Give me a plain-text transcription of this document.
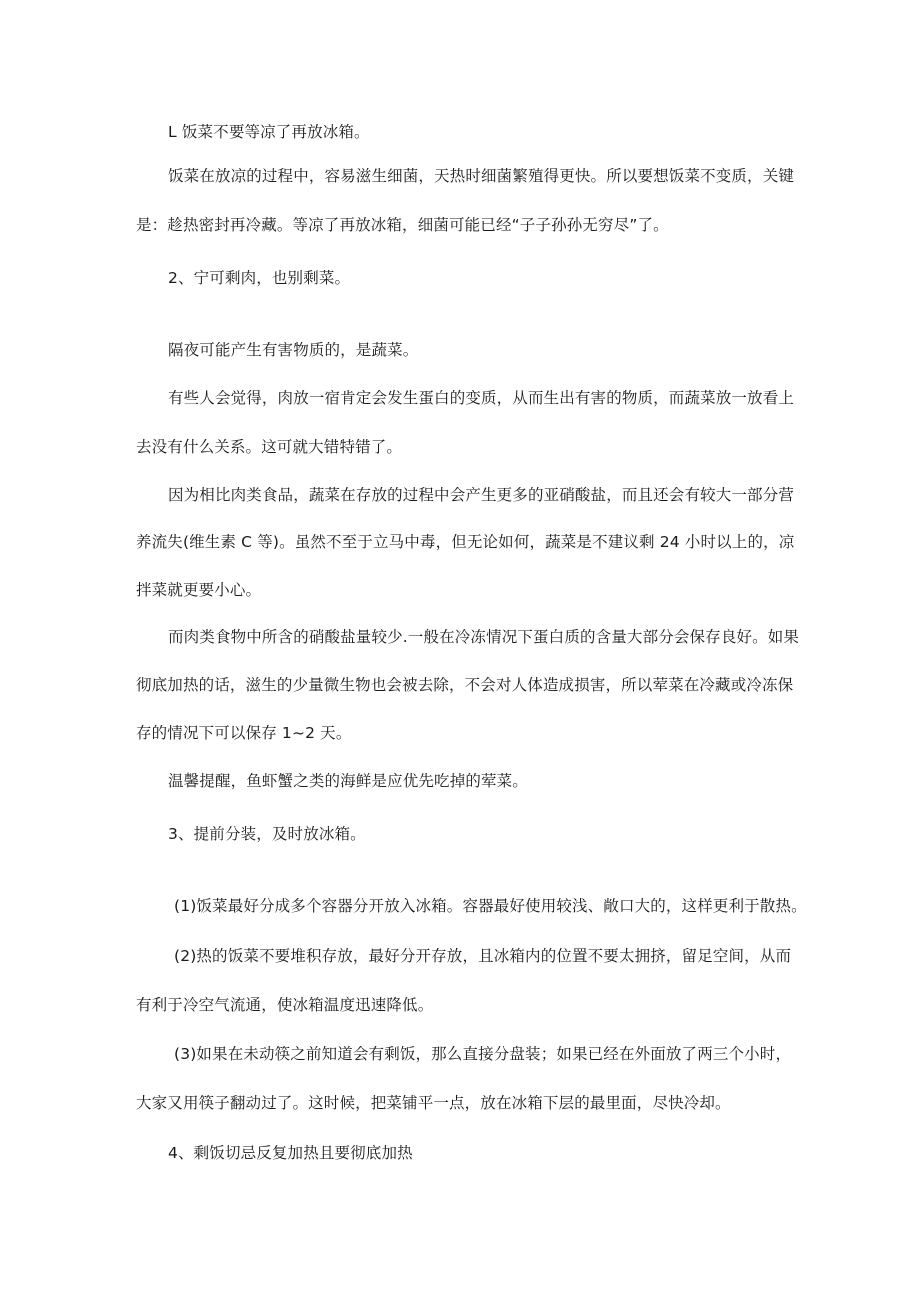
L 饭菜不要等凉了再放冰箱。

饭菜在放凉的过程中，容易滋生细菌，天热时细菌繁殖得更快。所以要想饭菜不变质，关键

是：趁热密封再冷藏。等凉了再放冰箱，细菌可能已经“子子孙孙无穷尽”了。

2、宁可剩肉，也别剩菜。

隔夜可能产生有害物质的，是蔬菜。

有些人会觉得，肉放一宿肯定会发生蛋白的变质，从而生出有害的物质，而蔬菜放一放看上

去没有什么关系。这可就大错特错了。

因为相比肉类食品，蔬菜在存放的过程中会产生更多的亚硝酸盐，而且还会有较大一部分营

养流失(维生素 C 等)。虽然不至于立马中毒，但无论如何，蔬菜是不建议剩 24 小时以上的，凉

拌菜就更要小心。

而肉类食物中所含的硝酸盐量较少.一般在冷冻情况下蛋白质的含量大部分会保存良好。如果

彻底加热的话，滋生的少量微生物也会被去除，不会对人体造成损害，所以荤菜在冷藏或冷冻保

存的情况下可以保存 1~2 天。

温馨提醒，鱼虾蟹之类的海鲜是应优先吃掉的荤菜。

3、提前分装，及时放冰箱。

(1)饭菜最好分成多个容器分开放入冰箱。容器最好使用较浅、敞口大的，这样更利于散热。

(2)热的饭菜不要堆积存放，最好分开存放，且冰箱内的位置不要太拥挤，留足空间，从而

有利于冷空气流通，使冰箱温度迅速降低。

(3)如果在未动筷之前知道会有剩饭，那么直接分盘装；如果已经在外面放了两三个小时，

大家又用筷子翻动过了。这时候，把菜铺平一点，放在冰箱下层的最里面，尽快冷却。

4、剩饭切忌反复加热且要彻底加热
